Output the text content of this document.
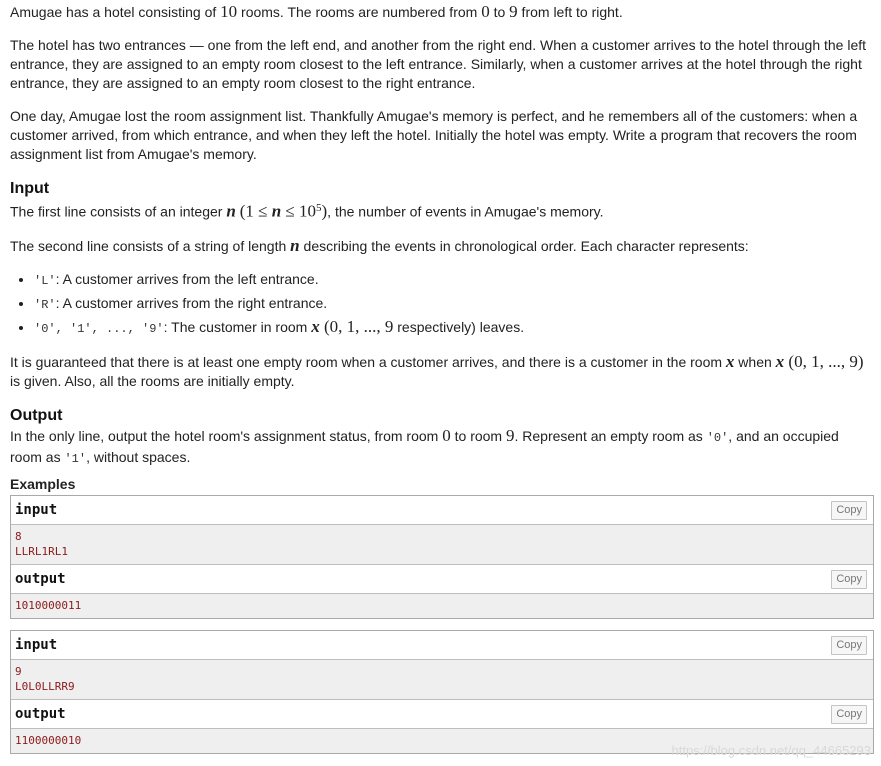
Amugae has a hotel consisting of 10 rooms. The rooms are numbered from 0 to 9 from left to right.

The hotel has two entrances — one from the left end, and another from the right end. When a customer arrives to the hotel through the left entrance, they are assigned to an empty room closest to the left entrance. Similarly, when a customer arrives at the hotel through the right entrance, they are assigned to an empty room closest to the right entrance.

One day, Amugae lost the room assignment list. Thankfully Amugae's memory is perfect, and he remembers all of the customers: when a customer arrived, from which entrance, and when they left the hotel. Initially the hotel was empty. Write a program that recovers the room assignment list from Amugae's memory.

Input

The first line consists of an integer n $(1 \le n \le 10^5)$, the number of events in Amugae's memory.

The second line consists of a string of length n describing the events in chronological order. Each character represents:

• 'L': A customer arrives from the left entrance.
• 'R': A customer arrives from the right entrance.
• '0', '1', ..., '9': The customer in room x (0, 1, ..., 9 respectively) leaves.

It is guaranteed that there is at least one empty room when a customer arrives, and there is a customer in the room x when x (0, 1, ..., 9) is given. Also, all the rooms are initially empty.

Output

In the only line, output the hotel room's assignment status, from room 0 to room 9. Represent an empty room as '0', and an occupied room as '1', without spaces.

Examples
input	Copy
8
LLRL1RL1
output	Copy
1010000011
input	Copy
9
L0L0LLRR9
output	Copy
1100000010
https://blog.csdn.net/qq_44665293
